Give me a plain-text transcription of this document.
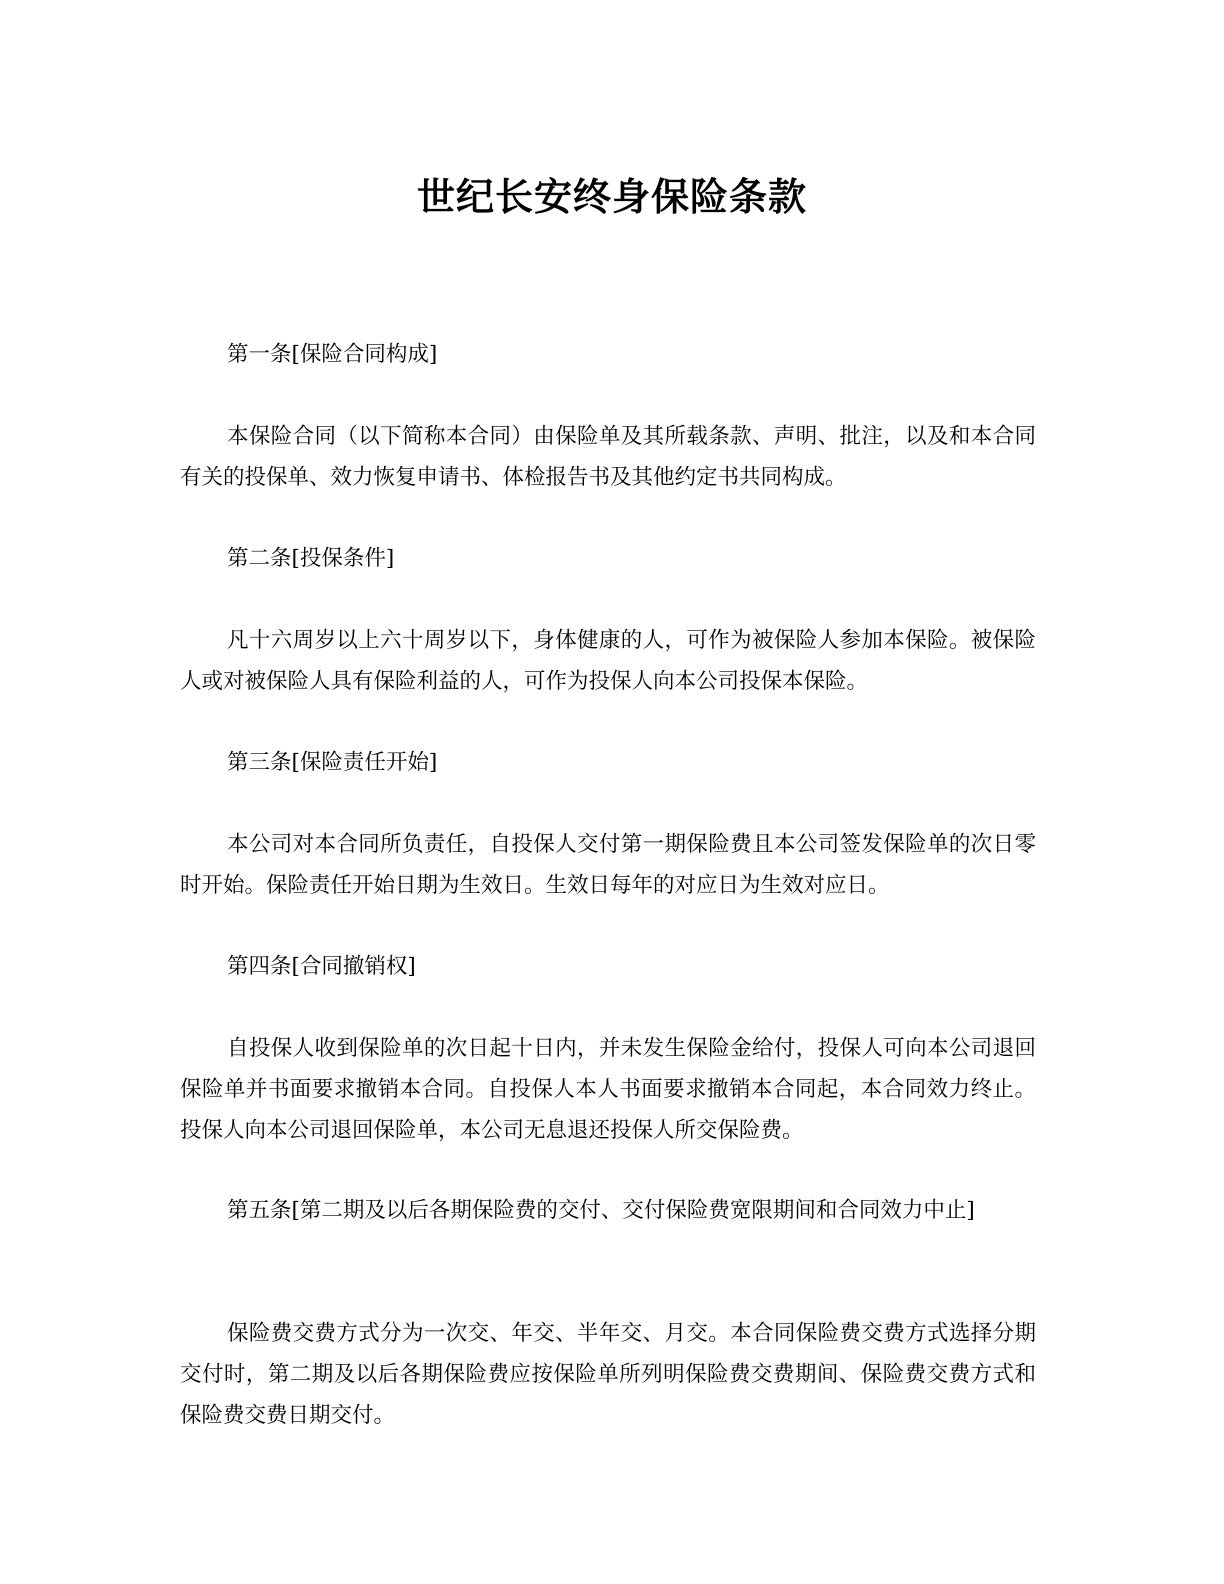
世纪长安终身保险条款

第一条[保险合同构成]

本保险合同（以下简称本合同）由保险单及其所载条款、声明、批注，以及和本合同有关的投保单、效力恢复申请书、体检报告书及其他约定书共同构成。

第二条[投保条件]

凡十六周岁以上六十周岁以下，身体健康的人，可作为被保险人参加本保险。被保险人或对被保险人具有保险利益的人，可作为投保人向本公司投保本保险。

第三条[保险责任开始]

本公司对本合同所负责任，自投保人交付第一期保险费且本公司签发保险单的次日零时开始。保险责任开始日期为生效日。生效日每年的对应日为生效对应日。

第四条[合同撤销权]

自投保人收到保险单的次日起十日内，并未发生保险金给付，投保人可向本公司退回保险单并书面要求撤销本合同。自投保人本人书面要求撤销本合同起，本合同效力终止。投保人向本公司退回保险单，本公司无息退还投保人所交保险费。

第五条[第二期及以后各期保险费的交付、交付保险费宽限期间和合同效力中止]

保险费交费方式分为一次交、年交、半年交、月交。本合同保险费交费方式选择分期交付时，第二期及以后各期保险费应按保险单所列明保险费交费期间、保险费交费方式和保险费交费日期交付。
